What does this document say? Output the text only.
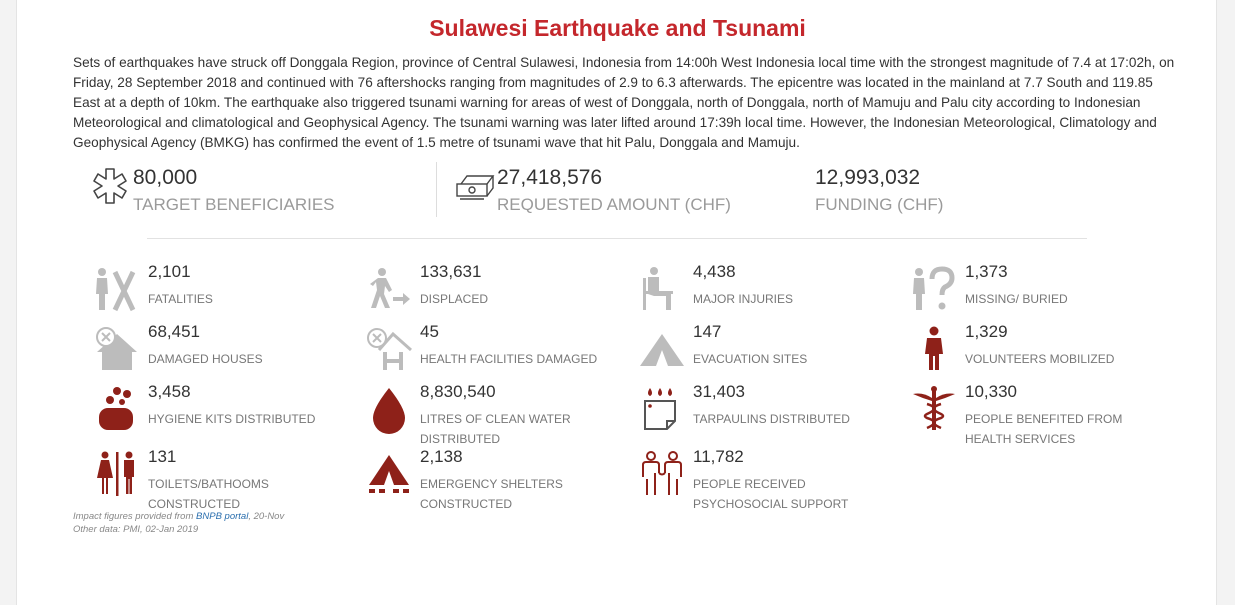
Sulawesi Earthquake and Tsunami

Sets of earthquakes have struck off Donggala Region, province of Central Sulawesi, Indonesia from 14:00h West Indonesia local time with the strongest magnitude of 7.4 at 17:02h, on Friday, 28 September 2018 and continued with 76 aftershocks ranging from magnitudes of 2.9 to 6.3 afterwards. The epicentre was located in the mainland at 7.7 South and 119.85 East at a depth of 10km. The earthquake also triggered tsunami warning for areas of west of Donggala, north of Donggala, north of Mamuju and Palu city according to Indonesian Meteorological and climatological and Geophysical Agency. The tsunami warning was later lifted around 17:39h local time. However, the Indonesian Meteorological, Climatology and Geophysical Agency (BMKG) has confirmed the event of 1.5 metre of tsunami wave that hit Palu, Donggala and Mamuju.

80,000
TARGET BENEFICIARIES
27,418,576
REQUESTED AMOUNT (CHF)
12,993,032
FUNDING (CHF)
2,101
FATALITIES
133,631
DISPLACED
4,438
MAJOR INJURIES
1,373
MISSING/ BURIED
68,451
DAMAGED HOUSES
45
HEALTH FACILITIES DAMAGED
147
EVACUATION SITES
1,329
VOLUNTEERS MOBILIZED
3,458
HYGIENE KITS DISTRIBUTED
8,830,540
LITRES OF CLEAN WATER DISTRIBUTED
31,403
TARPAULINS DISTRIBUTED
10,330
PEOPLE BENEFITED FROM HEALTH SERVICES
131
TOILETS/BATHOOMS CONSTRUCTED
2,138
EMERGENCY SHELTERS CONSTRUCTED
11,782
PEOPLE RECEIVED PSYCHOSOCIAL SUPPORT
Impact figures provided from BNPB portal, 20-Nov
Other data: PMI, 02-Jan 2019
